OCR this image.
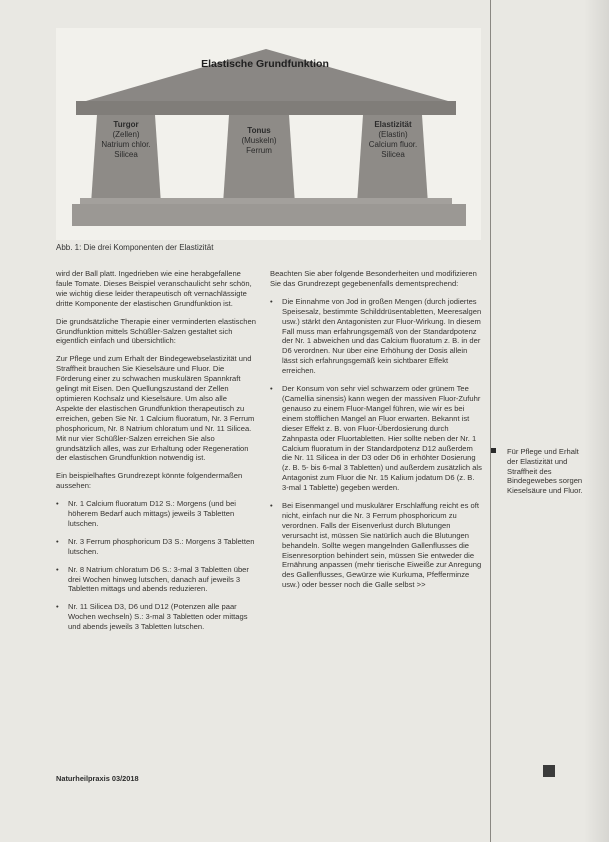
Turgor
(Zellen)
Natrium chlor.
Silicea
Tonus
(Muskeln)
Ferrum
Elastizität
(Elastin)
Calcium fluor.
Silicea
Elastische Grundfunktion
Abb. 1: Die drei Komponenten der Elastizität

wird der Ball platt. Ingedrieben wie eine herabgefallene faule Tomate. Dieses Beispiel veranschaulicht sehr schön, wie wichtig diese leider therapeutisch oft vernachlässigte dritte Komponente der elastischen Grundfunktion ist.

Die grundsätzliche Therapie einer verminderten elastischen Grundfunktion mittels Schüßler-Salzen gestaltet sich eigentlich einfach und übersichtlich:

Zur Pflege und zum Erhalt der Bindegewebselastizität und Straffheit brauchen Sie Kieselsäure und Fluor. Die Förderung einer zu schwachen muskulären Spannkraft gelingt mit Eisen. Den Quellungszustand der Zellen optimieren Kochsalz und Kieselsäure. Um also alle Aspekte der elastischen Grundfunktion therapeutisch zu erreichen, geben Sie Nr. 1 Calcium fluoratum, Nr. 3 Ferrum phosphoricum, Nr. 8 Natrium chloratum und Nr. 11 Silicea. Mit nur vier Schüßler-Salzen erreichen Sie also grundsätzlich alles, was zur Erhaltung oder Regeneration der elastischen Grundfunktion notwendig ist.

Ein beispielhaftes Grundrezept könnte folgendermaßen aussehen:

• Nr. 1 Calcium fluoratum D12 S.: Morgens (und bei höherem Bedarf auch mittags) jeweils 3 Tabletten lutschen.
• Nr. 3 Ferrum phosphoricum D3 S.: Morgens 3 Tabletten lutschen.
• Nr. 8 Natrium chloratum D6 S.: 3-mal 3 Tabletten über drei Wochen hinweg lutschen, danach auf jeweils 3 Tabletten mittags und abends reduzieren.
• Nr. 11 Silicea D3, D6 und D12 (Potenzen alle paar Wochen wechseln) S.: 3-mal 3 Tabletten oder mittags und abends jeweils 3 Tabletten lutschen.

Beachten Sie aber folgende Besonderheiten und modifizieren Sie das Grundrezept gegebenenfalls dementsprechend:

• Die Einnahme von Jod in großen Mengen (durch jodiertes Speisesalz, bestimmte Schilddrüsentabletten, Meeresalgen usw.) stärkt den Antagonisten zur Fluor-Wirkung. In diesem Fall muss man erfahrungsgemäß von der Standardpotenz der Nr. 1 abweichen und das Calcium fluoratum z. B. in der D6 verordnen. Nur über eine Erhöhung der Dosis allein lässt sich erfahrungsgemäß kein sichtbarer Effekt erreichen.
• Der Konsum von sehr viel schwarzem oder grünem Tee (Camellia sinensis) kann wegen der massiven Fluor-Zufuhr genauso zu einem Fluor-Mangel führen, wie wir es bei einem stofflichen Mangel an Fluor erwarten. Bekannt ist dieser Effekt z. B. von Fluor-Überdosierung durch Zahnpasta oder Fluortabletten. Hier sollte neben der Nr. 1 Calcium fluoratum in der Standardpotenz D12 außerdem die Nr. 11 Silicea in der D3 oder D6 in erhöhter Dosierung (z. B. 5- bis 6-mal 3 Tabletten) und außerdem zusätzlich als Antagonist zum Fluor die Nr. 15 Kalium jodatum D6 (z. B. 3-mal 1 Tablette) gegeben werden.
• Bei Eisenmangel und muskulärer Erschlaffung reicht es oft nicht, einfach nur die Nr. 3 Ferrum phosphoricum zu verordnen. Falls der Eisenverlust durch Blutungen verursacht ist, müssen Sie natürlich auch die Blutungen behandeln. Sollte wegen mangelnden Gallenflusses die Eisenresorption behindert sein, müssen Sie entweder die Ernährung anpassen (mehr tierische Eiweiße zur Anregung des Gallenflusses, Gewürze wie Kurkuma, Pfefferminze usw.) oder besser noch die Galle selbst >>
Für Pflege und Erhalt der Elastizität und Straffheit des Bindegewebes sorgen Kieselsäure und Fluor.
Naturheilpraxis 03/2018
